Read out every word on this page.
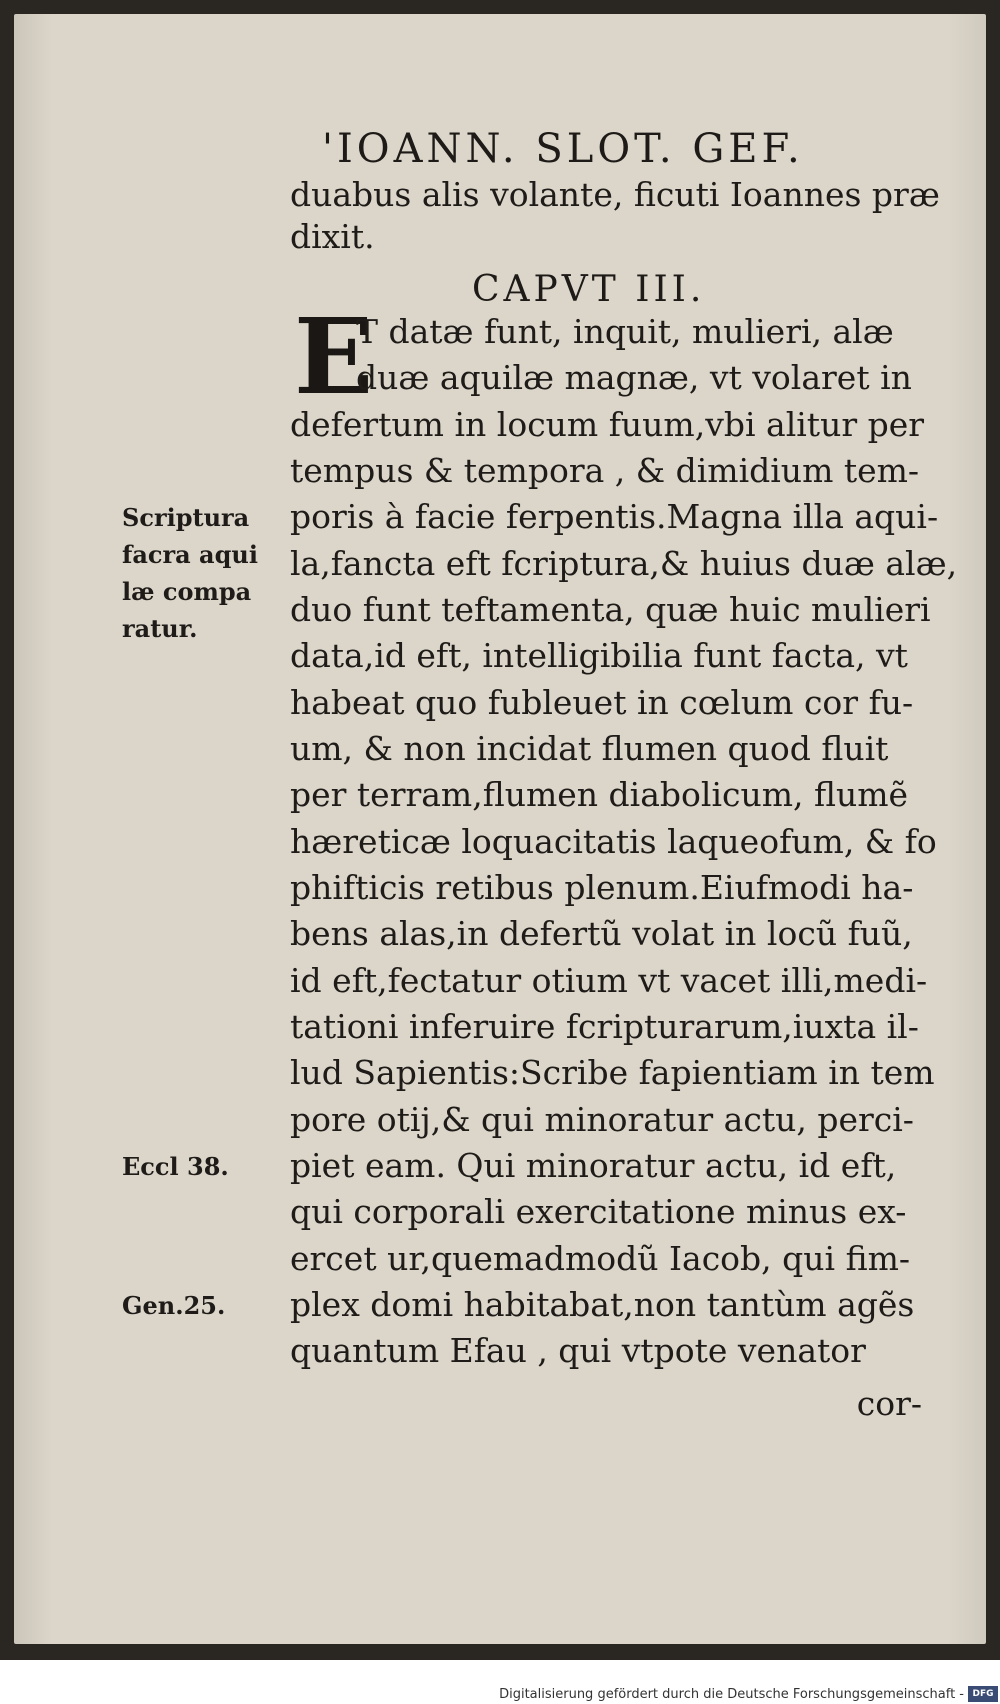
'IOANN. SLOT. GEF.
duabus alis volante, ficuti Ioannes præ
dixit.
CAPVT III.
E
T datæ funt, inquit, mulieri, alæ
duæ aquilæ magnæ, vt volaret in
defertum in locum fuum,vbi alitur per
tempus & tempora , & dimidium tem-
poris à facie ferpentis.Magna illa aqui-
la,fancta eft fcriptura,& huius duæ alæ,
duo funt teftamenta, quæ huic mulieri
data,id eft, intelligibilia funt facta, vt
habeat quo fubleuet in cœlum cor fu-
um, & non incidat flumen quod fluit
per terram,flumen diabolicum, flumẽ
hæreticæ loquacitatis laqueofum, & fo
phifticis retibus plenum.Eiufmodi ha-
bens alas,in defertũ volat in locũ fuũ,
id eft,fectatur otium vt vacet illi,medi-
tationi inferuire fcripturarum,iuxta il-
lud Sapientis:Scribe fapientiam in tem
pore otij,& qui minoratur actu, perci-
piet eam. Qui minoratur actu, id eft,
qui corporali exercitatione minus ex-
ercet ur,quemadmodũ Iacob, qui fim-
plex domi habitabat,non tantùm agẽs
quantum Efau , qui vtpote venator
cor-
Scriptura
facra aqui
læ compa
ratur.
Eccl 38.
Gen.25.
Digitalisierung gefördert durch die Deutsche Forschungsgemeinschaft - DFG
